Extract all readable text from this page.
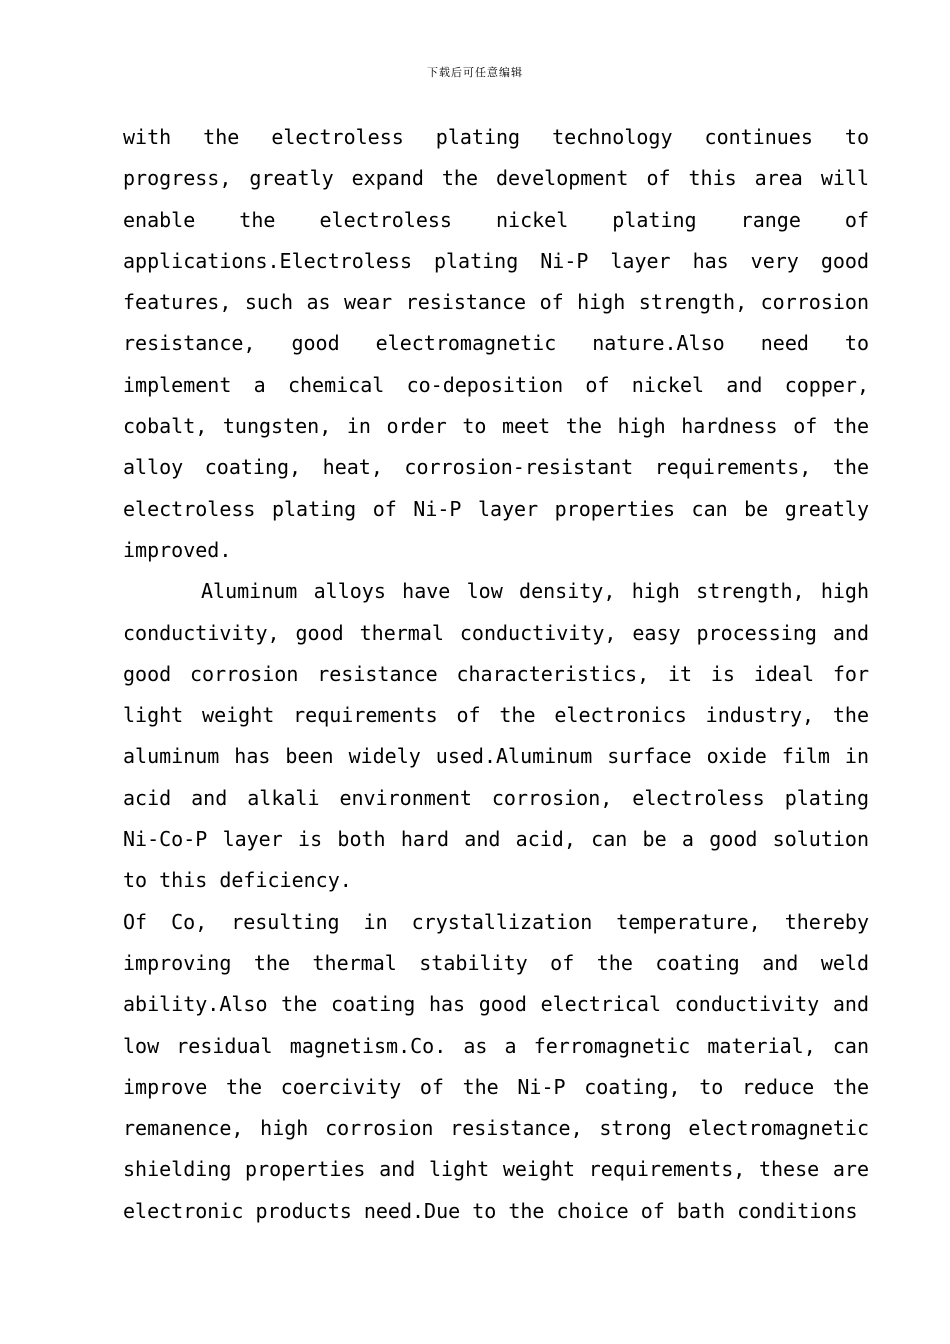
下载后可任意编辑

with the electroless plating technology continues to progress, greatly expand the development of this area will enable the electroless nickel plating range of applications.Electroless plating Ni-P layer has very good features, such as wear resistance of high strength, corrosion resistance, good electromagnetic nature.Also need to implement a chemical co-deposition of nickel and copper, cobalt, tungsten, in order to meet the high hardness of the alloy coating, heat, corrosion-resistant requirements, the electroless plating of Ni-P layer properties can be greatly improved.

Aluminum alloys have low density, high strength, high conductivity, good thermal conductivity, easy processing and good corrosion resistance characteristics, it is ideal for light weight requirements of the electronics industry, the aluminum has been widely used.Aluminum surface oxide film in acid and alkali environment corrosion, electroless plating Ni-Co-P layer is both hard and acid, can be a good solution to this deficiency.

Of Co, resulting in crystallization temperature, thereby improving the thermal stability of the coating and weld ability.Also the coating has good electrical conductivity and low residual magnetism.Co. as a ferromagnetic material, can improve the coercivity of the Ni-P coating, to reduce the remanence, high corrosion resistance, strong electromagnetic shielding properties and light weight requirements, these are electronic products need.Due to the choice of bath conditions
